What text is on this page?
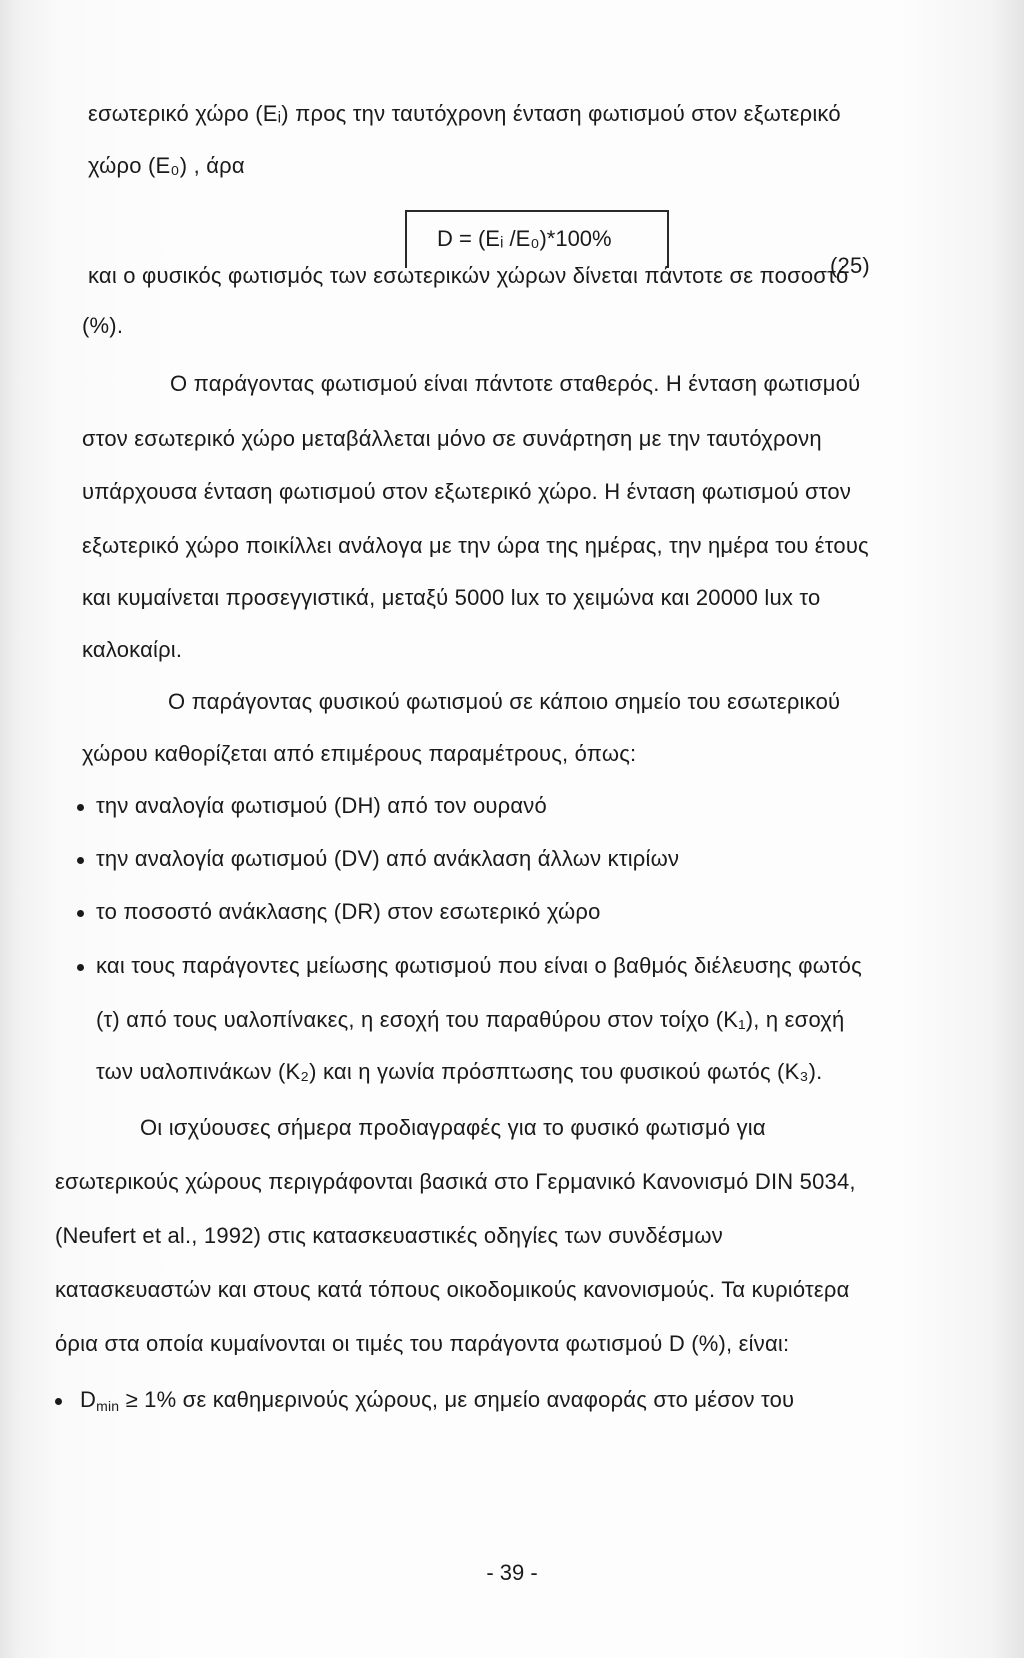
εσωτερικό χώρο (Eᵢ) προς την ταυτόχρονη ένταση φωτισμού στον εξωτερικό
χώρο (E₀) , άρα
D = (Eᵢ /E₀)*100%
(25)
και ο φυσικός φωτισμός των εσωτερικών χώρων δίνεται πάντοτε σε ποσοστό
(%).
Ο παράγοντας φωτισμού είναι πάντοτε σταθερός. Η ένταση φωτισμού
στον εσωτερικό χώρο μεταβάλλεται μόνο σε συνάρτηση με την ταυτόχρονη
υπάρχουσα ένταση φωτισμού στον εξωτερικό χώρο. Η ένταση φωτισμού στον
εξωτερικό χώρο ποικίλλει ανάλογα με την ώρα της ημέρας, την ημέρα του έτους
και κυμαίνεται προσεγγιστικά, μεταξύ 5000 lux το χειμώνα και 20000 lux το
καλοκαίρι.
Ο παράγοντας φυσικού φωτισμού σε κάποιο σημείο του εσωτερικού
χώρου καθορίζεται από επιμέρους παραμέτρους, όπως:
την αναλογία φωτισμού (DH) από τον ουρανό
την αναλογία φωτισμού (DV) από ανάκλαση άλλων κτιρίων
το ποσοστό ανάκλασης (DR) στον εσωτερικό χώρο
και τους παράγοντες μείωσης φωτισμού που είναι ο βαθμός διέλευσης φωτός
(τ) από τους υαλοπίνακες, η εσοχή του παραθύρου στον τοίχο (K₁), η εσοχή
των υαλοπινάκων (K₂) και η γωνία πρόσπτωσης του φυσικού φωτός (K₃).
Οι ισχύουσες σήμερα προδιαγραφές για το φυσικό φωτισμό για
εσωτερικούς χώρους περιγράφονται βασικά στο Γερμανικό Κανονισμό DIN 5034,
(Neufert et al., 1992) στις κατασκευαστικές οδηγίες των συνδέσμων
κατασκευαστών και στους κατά τόπους οικοδομικούς κανονισμούς. Τα κυριότερα
όρια στα οποία κυμαίνονται οι τιμές του παράγοντα φωτισμού D (%), είναι:
$D_{min} \ge 1\%$ σε καθημερινούς χώρους, με σημείο αναφοράς στο μέσον του
- 39 -
